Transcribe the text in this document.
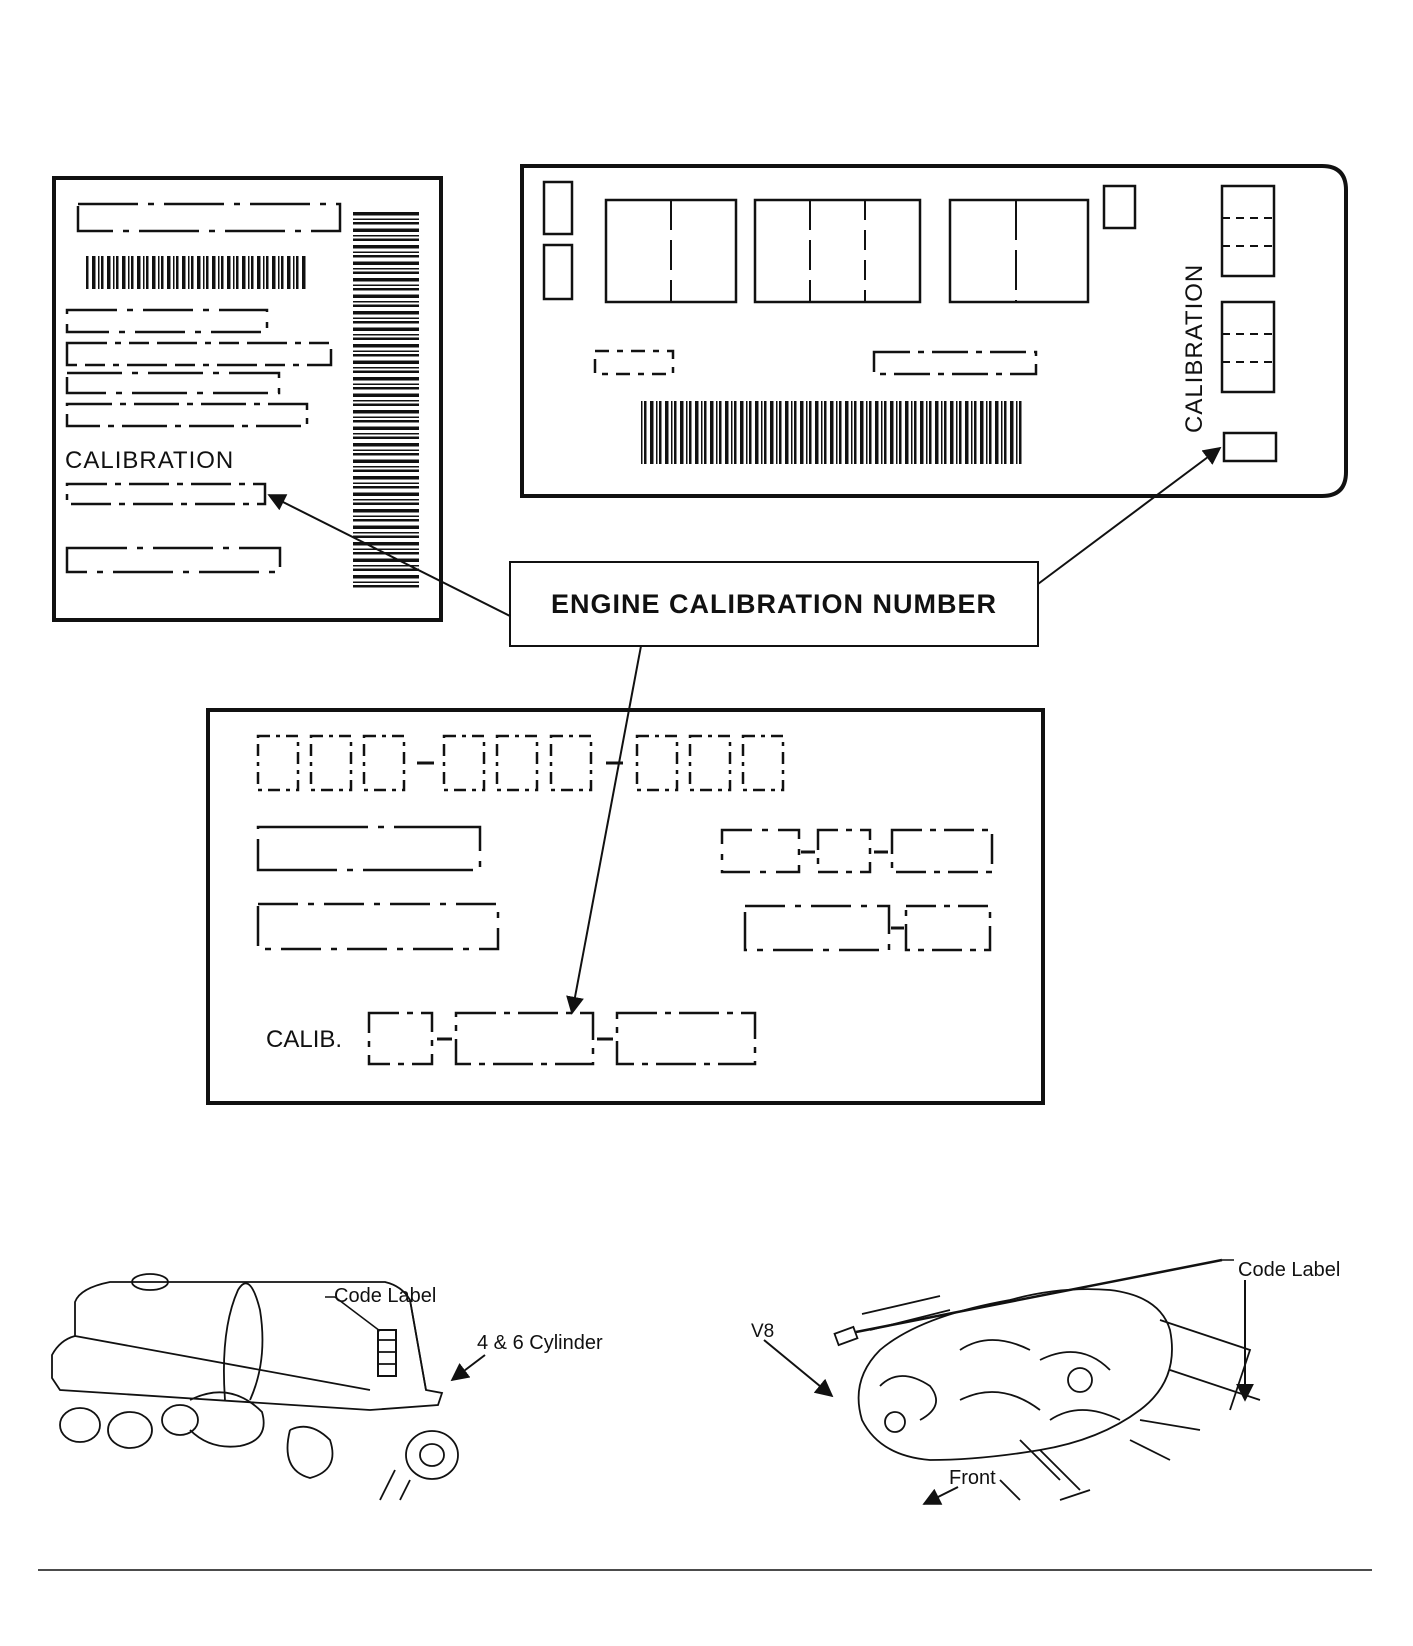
CALIBRATION
CALIBRATION
ENGINE CALIBRATION NUMBER
CALIB.
Code Label
4 & 6 Cylinder
Code Label
V8
Front
